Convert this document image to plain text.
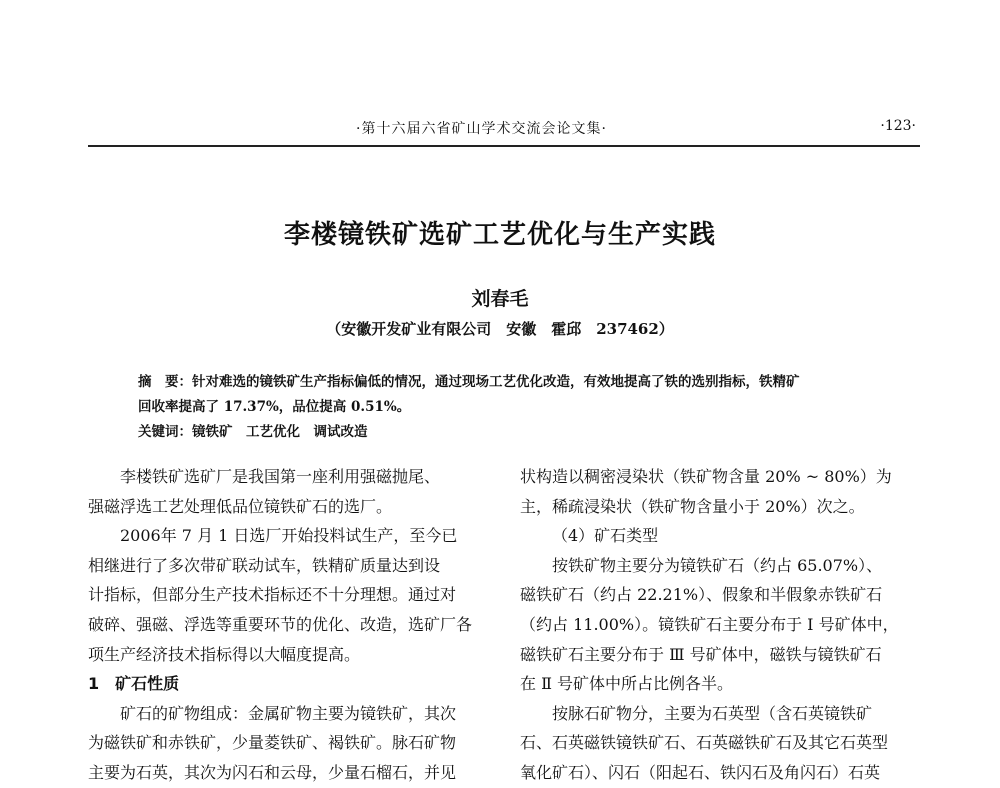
·第十六届六省矿山学术交流会论文集·	·123·
李楼镜铁矿选矿工艺优化与生产实践
刘春毛
（安徽开发矿业有限公司　安徽　霍邱　237462）

摘　要：针对难选的镜铁矿生产指标偏低的情况，通过现场工艺优化改造，有效地提高了铁的选别指标，铁精矿

回收率提高了 17.37%，品位提高 0.51%。

关键词：镜铁矿　工艺优化　调试改造

李楼铁矿选矿厂是我国第一座利用强磁抛尾、

强磁浮选工艺处理低品位镜铁矿石的选厂。

2006年 7 月 1 日选厂开始投料试生产，至今已

相继进行了多次带矿联动试车，铁精矿质量达到设

计指标，但部分生产技术指标还不十分理想。通过对

破碎、强磁、浮选等重要环节的优化、改造，选矿厂各

项生产经济技术指标得以大幅度提高。

1　矿石性质

矿石的矿物组成：金属矿物主要为镜铁矿，其次

为磁铁矿和赤铁矿，少量菱铁矿、褐铁矿。脉石矿物

主要为石英，其次为闪石和云母，少量石榴石，并见

状构造以稠密浸染状（铁矿物含量 20% ~ 80%）为

主，稀疏浸染状（铁矿物含量小于 20%）次之。

（4）矿石类型

按铁矿物主要分为镜铁矿石（约占 65.07%）、

磁铁矿石（约占 22.21%）、假象和半假象赤铁矿石

（约占 11.00%）。镜铁矿石主要分布于 Ⅰ 号矿体中，

磁铁矿石主要分布于 Ⅲ 号矿体中，磁铁与镜铁矿石

在 Ⅱ 号矿体中所占比例各半。

按脉石矿物分，主要为石英型（含石英镜铁矿

石、石英磁铁镜铁矿石、石英磁铁矿石及其它石英型

氧化矿石）、闪石（阳起石、铁闪石及角闪石）石英
